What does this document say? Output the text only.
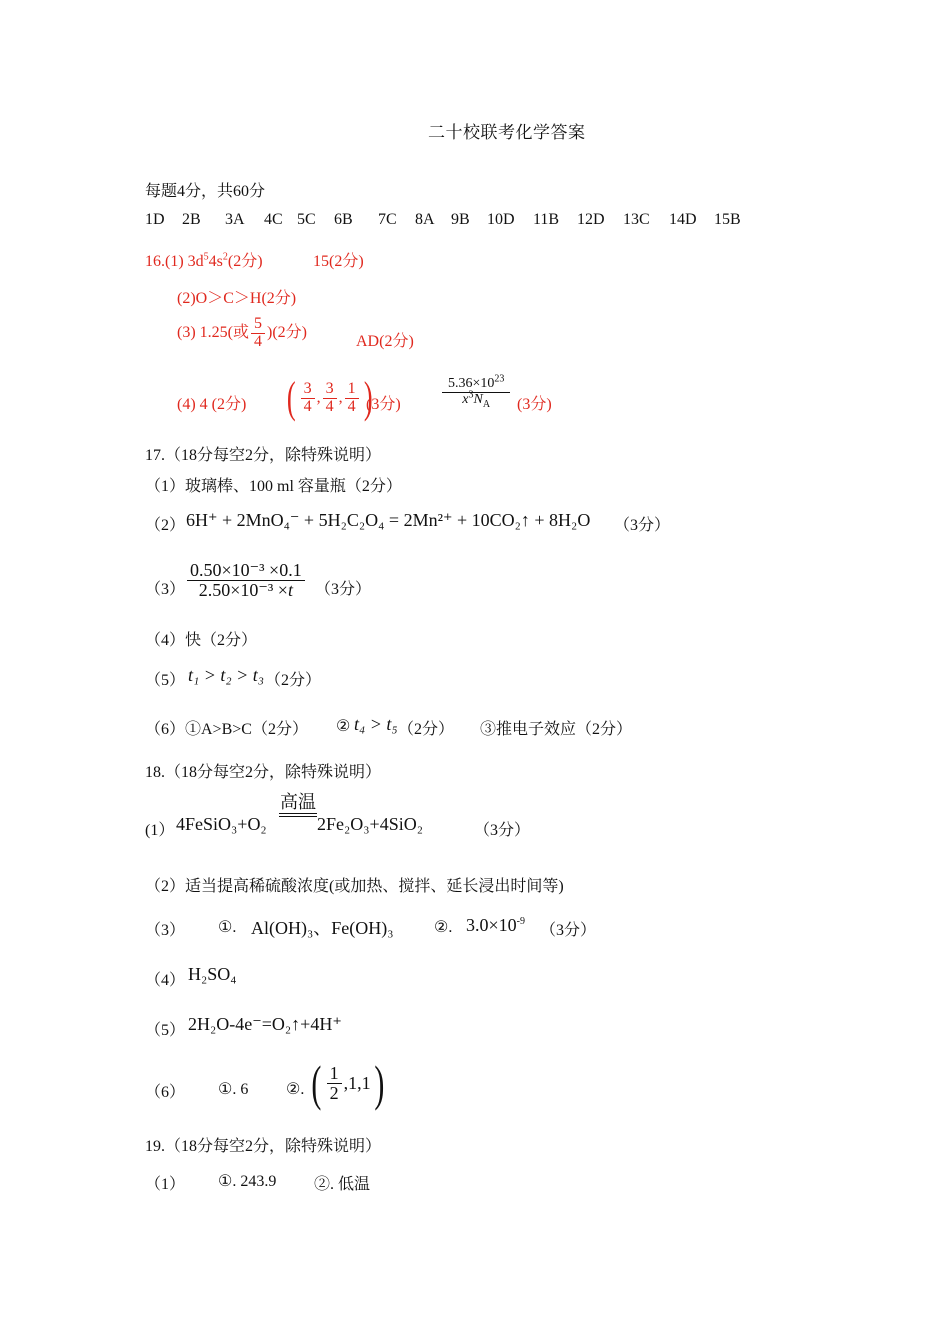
二十校联考化学答案
每题4分，共60分
1D 2B 3A 4C 5C 6B 7C 8A 9B 10D 11B 12D 13C 14D 15B
16.(1) $3d^54s^2(2$分)	15(2分)
(2)O＞C＞H(2分)
(3) 1.25(或 $\frac{5}{4} )(2$分)
AD(2分)
(4) 4 (2分) ( $\frac{3}{4}$ , $\frac{3}{4}$ , $\frac{1}{4}$ )
(3分)	$\frac{5.36\times 10^{23}}{x^3N_A} (3$分)
17.（18分每空2分，除特殊说明）
（1）玻璃棒、100 ml 容量瓶（2分）
（2） 6H⁺ + 2MnO₄⁻ + 5H₂C₂O₄ = 2Mn²⁺ + 10CO₂↑ + 8H₂O （3分）
$(3) \frac{\text{0.50×10⁻³ ×0.1}}{\text{2.50×10⁻³ ×t}} (3$分）
（4）快（2分）
（5） t₁ > t₂ > t₃ （2分）
（6）①A>B>C（2分） ② t₄ > t₅ （2分） ③推电子效应（2分）
18.（18分每空2分，除特殊说明）
(1） 4FeSiO₃+O₂
高温
2Fe₂O₃+4SiO₂	（3分）
（2）适当提高稀硫酸浓度(或加热、搅拌、延长浸出时间等)
（3） ①. Al(OH)₃、Fe(OH)₃	②. $3.0\times 10^{-9}$
（3分）
（4） H₂SO₄
（5） 2H₂O-4e⁻=O₂↑+4H⁺
（6） ①. 6 ②. ( $\frac{1}{2} ,1,1$ )
19.（18分每空2分，除特殊说明）
（1） ①. 243.9 ②. 低温
